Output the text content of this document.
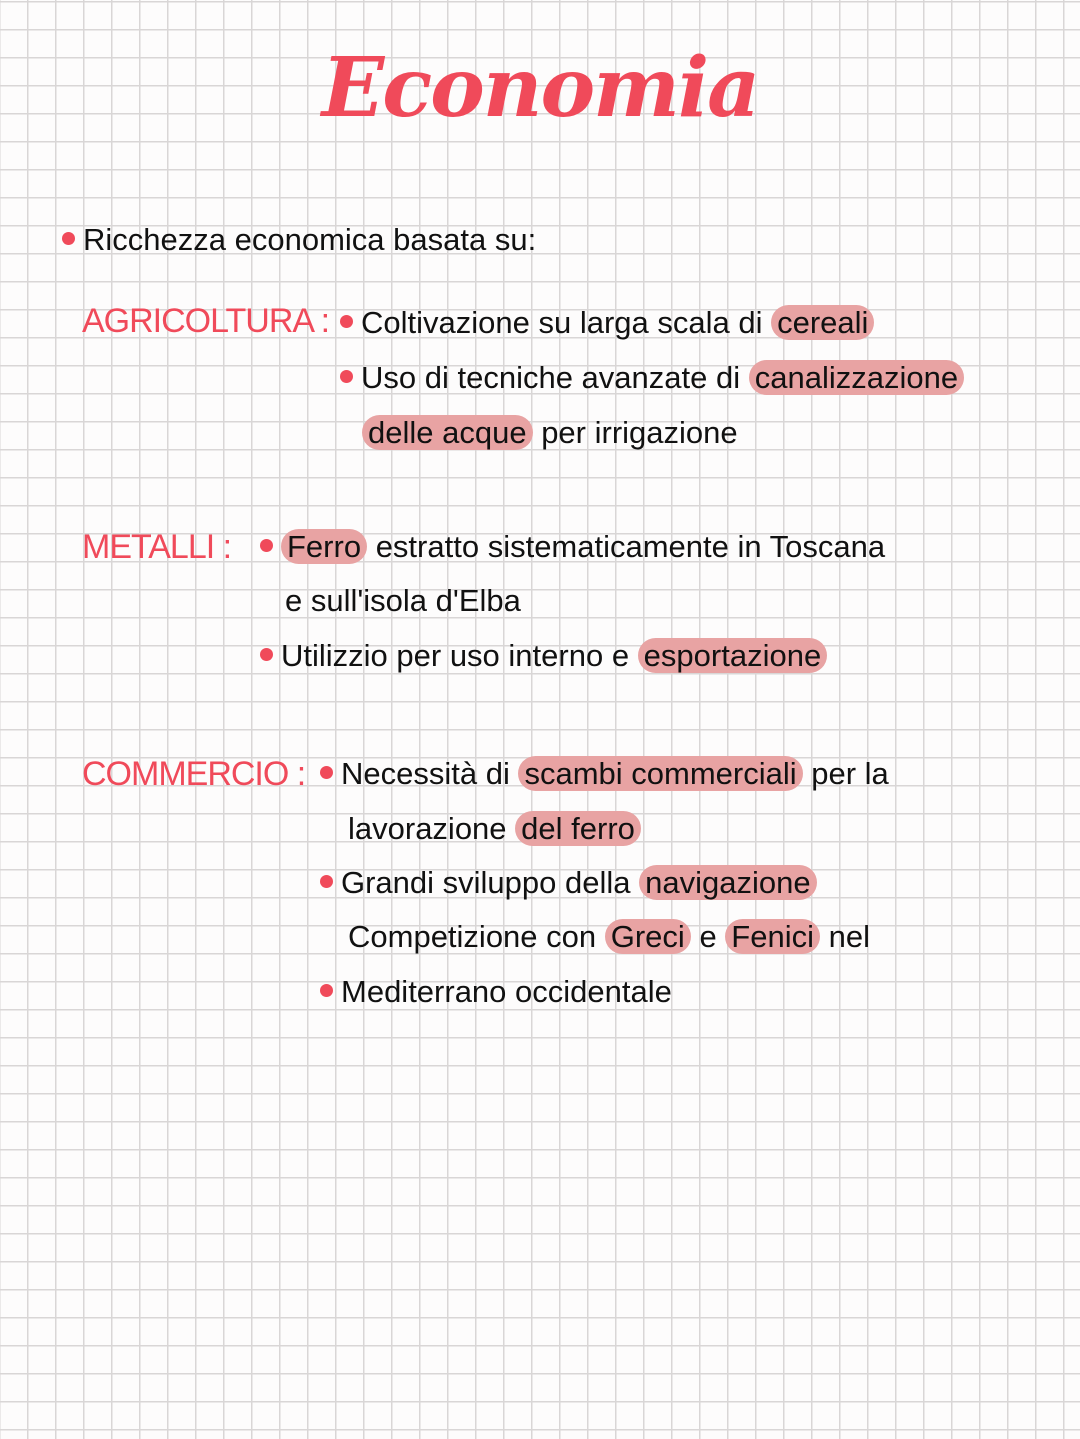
Economia
Ricchezza economica basata su:
AGRICOLTURA :	Coltivazione su larga scala di cereali
Uso di tecniche avanzate di canalizzazione
delle acque per irrigazione
METALLI :	Ferro estratto sistematicamente in Toscana
e sull'isola d'Elba
Utilizzio per uso interno e esportazione
COMMERCIO :	Necessità di scambi commerciali per la
lavorazione del ferro
Grandi sviluppo della navigazione
Competizione con Greci e Fenici nel
Mediterrano occidentale
